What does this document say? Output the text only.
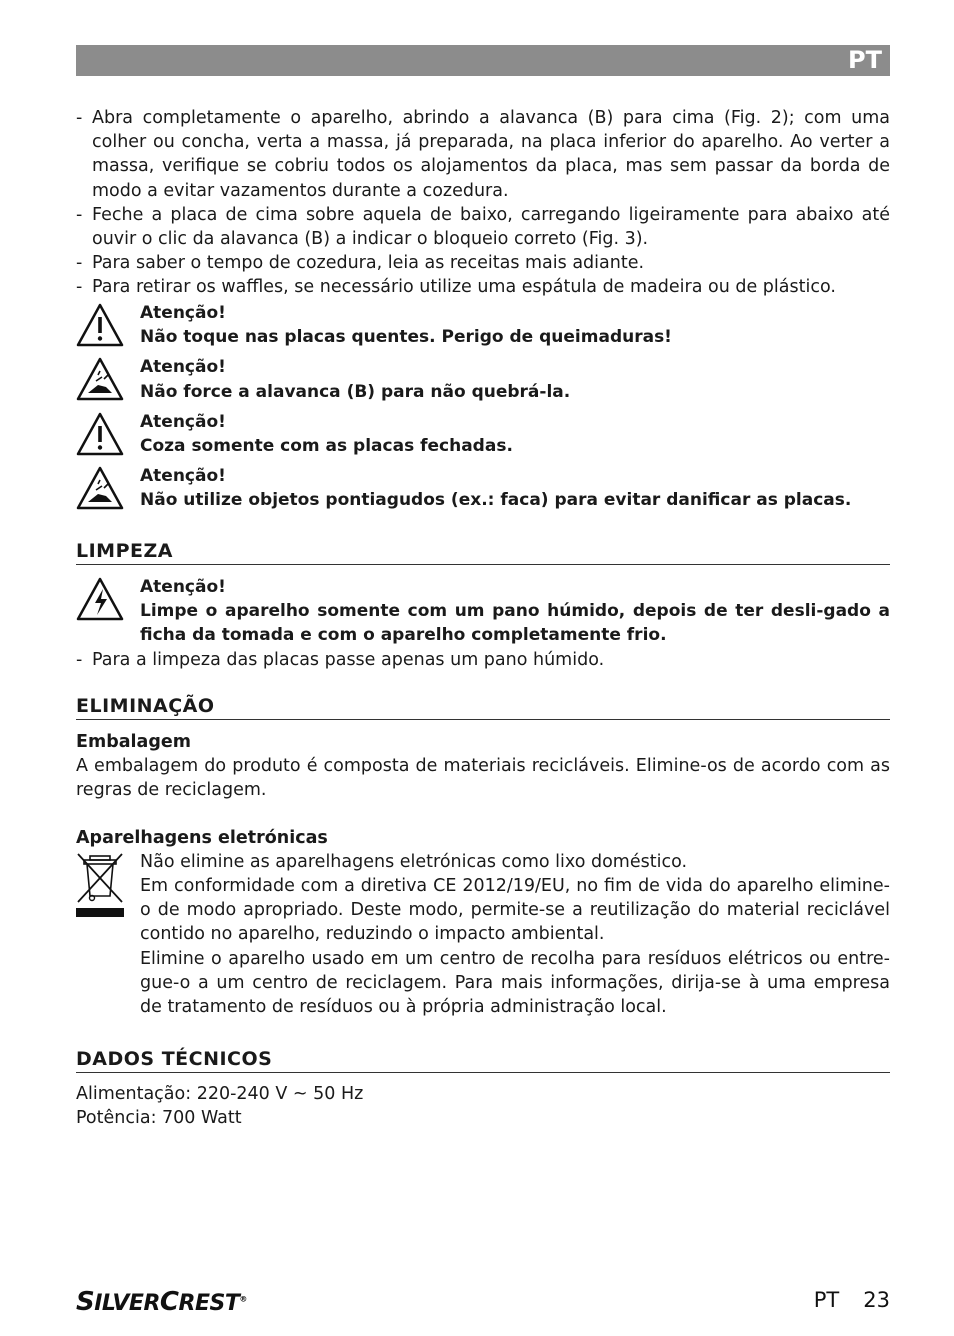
PT
- Abra completamente o aparelho, abrindo a alavanca (B) para cima (Fig. 2); com uma colher ou concha, verta a massa, já preparada, na placa inferior do aparelho. Ao verter a massa, verifique se cobriu todos os alojamentos da placa, mas sem passar da borda de modo a evitar vazamentos durante a cozedura.
- Feche a placa de cima sobre aquela de baixo, carregando ligeiramente para abaixo até ouvir o clic da alavanca (B) a indicar o bloqueio correto (Fig. 3).
- Para saber o tempo de cozedura, leia as receitas mais adiante.
- Para retirar os waffles, se necessário utilize uma espátula de madeira ou de plástico.
Atenção!
Não toque nas placas quentes. Perigo de queimaduras!
Atenção!
Não force a alavanca (B) para não quebrá-la.
Atenção!
Coza somente com as placas fechadas.
Atenção!
Não utilize objetos pontiagudos (ex.: faca) para evitar danificar as placas.
LIMPEZA
Atenção!
Limpe o aparelho somente com um pano húmido, depois de ter desli-gado a ficha da tomada e com o aparelho completamente frio.
- Para a limpeza das placas passe apenas um pano húmido.
ELIMINAÇÃO
Embalagem
A embalagem do produto é composta de materiais recicláveis. Elimine-os de acordo com as regras de reciclagem.
Aparelhagens eletrónicas
Não elimine as aparelhagens eletrónicas como lixo doméstico.
Em conformidade com a diretiva CE 2012/19/EU, no fim de vida do aparelho elimine-o de modo apropriado. Deste modo, permite-se a reutilização do material reciclável contido no aparelho, reduzindo o impacto ambiental.
Elimine o aparelho usado em um centro de recolha para resíduos elétricos ou entre-gue-o a um centro de reciclagem. Para mais informações, dirija-se à uma empresa de tratamento de resíduos ou à própria administração local.
DADOS TÉCNICOS
Alimentação: 220-240 V ~ 50 Hz
Potência: 700 Watt
SILVERCREST®	PT 23
